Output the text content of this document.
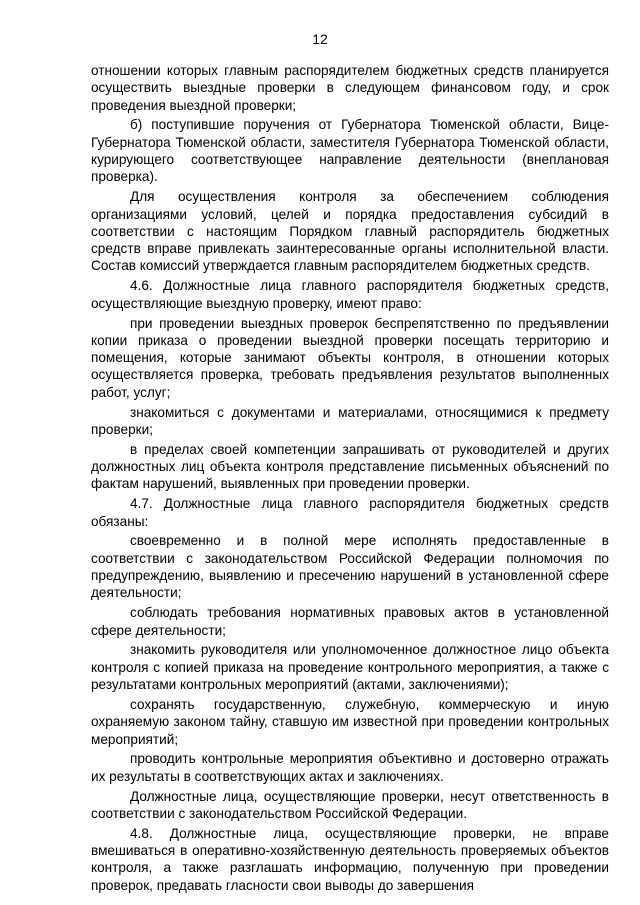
12

отношении которых главным распорядителем бюджетных средств планируется осуществить выездные проверки в следующем финансовом году, и срок проведения выездной проверки;

б) поступившие поручения от Губернатора Тюменской области, Вице-Губернатора Тюменской области, заместителя Губернатора Тюменской области, курирующего соответствующее направление деятельности (внеплановая проверка).

Для осуществления контроля за обеспечением соблюдения организациями условий, целей и порядка предоставления субсидий в соответствии с настоящим Порядком главный распорядитель бюджетных средств вправе привлекать заинтересованные органы исполнительной власти. Состав комиссий утверждается главным распорядителем бюджетных средств.

4.6. Должностные лица главного распорядителя бюджетных средств, осуществляющие выездную проверку, имеют право:

при проведении выездных проверок беспрепятственно по предъявлении копии приказа о проведении выездной проверки посещать территорию и помещения, которые занимают объекты контроля, в отношении которых осуществляется проверка, требовать предъявления результатов выполненных работ, услуг;

знакомиться с документами и материалами, относящимися к предмету проверки;

в пределах своей компетенции запрашивать от руководителей и других должностных лиц объекта контроля представление письменных объяснений по фактам нарушений, выявленных при проведении проверки.

4.7. Должностные лица главного распорядителя бюджетных средств обязаны:

своевременно и в полной мере исполнять предоставленные в соответствии с законодательством Российской Федерации полномочия по предупреждению, выявлению и пресечению нарушений в установленной сфере деятельности;

соблюдать требования нормативных правовых актов в установленной сфере деятельности;

знакомить руководителя или уполномоченное должностное лицо объекта контроля с копией приказа на проведение контрольного мероприятия, а также с результатами контрольных мероприятий (актами, заключениями);

сохранять государственную, служебную, коммерческую и иную охраняемую законом тайну, ставшую им известной при проведении контрольных мероприятий;

проводить контрольные мероприятия объективно и достоверно отражать их результаты в соответствующих актах и заключениях.

Должностные лица, осуществляющие проверки, несут ответственность в соответствии с законодательством Российской Федерации.

4.8. Должностные лица, осуществляющие проверки, не вправе вмешиваться в оперативно-хозяйственную деятельность проверяемых объектов контроля, а также разглашать информацию, полученную при проведении проверок, предавать гласности свои выводы до завершения
